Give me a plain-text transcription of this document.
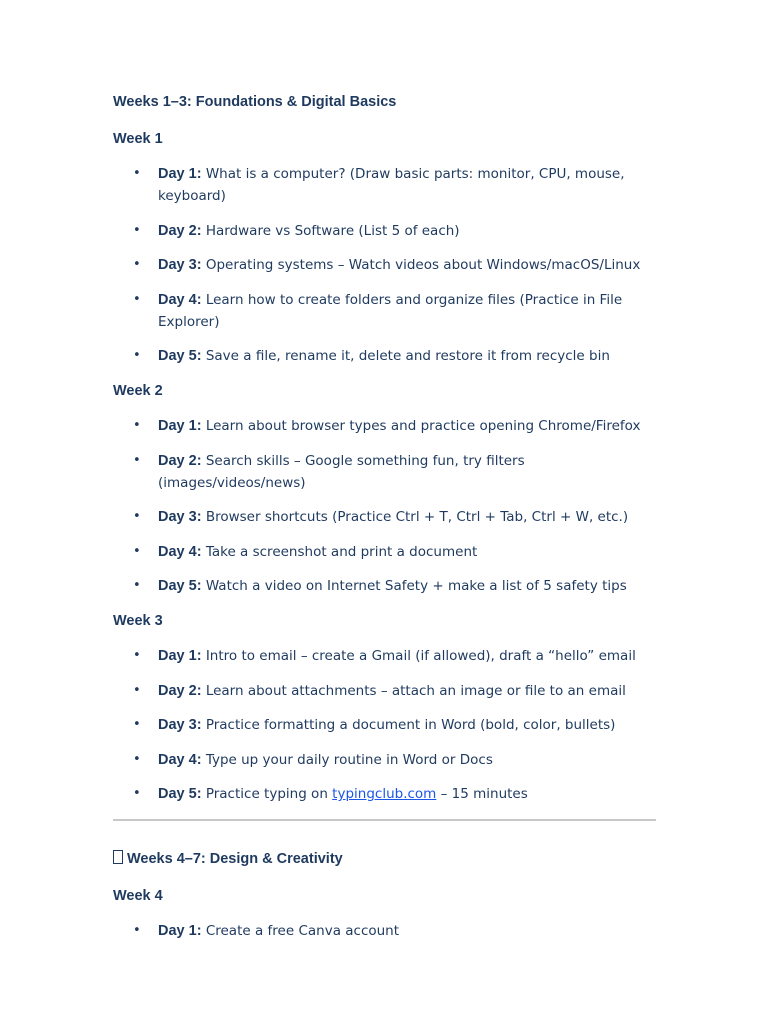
Weeks 1–3: Foundations & Digital Basics
Week 1
• Day 1: What is a computer? (Draw basic parts: monitor, CPU, mouse, keyboard)
• Day 2: Hardware vs Software (List 5 of each)
• Day 3: Operating systems – Watch videos about Windows/macOS/Linux
• Day 4: Learn how to create folders and organize files (Practice in File Explorer)
• Day 5: Save a file, rename it, delete and restore it from recycle bin
Week 2
• Day 1: Learn about browser types and practice opening Chrome/Firefox
• Day 2: Search skills – Google something fun, try filters (images/videos/news)
• Day 3: Browser shortcuts (Practice Ctrl + T, Ctrl + Tab, Ctrl + W, etc.)
• Day 4: Take a screenshot and print a document
• Day 5: Watch a video on Internet Safety + make a list of 5 safety tips
Week 3
• Day 1: Intro to email – create a Gmail (if allowed), draft a “hello” email
• Day 2: Learn about attachments – attach an image or file to an email
• Day 3: Practice formatting a document in Word (bold, color, bullets)
• Day 4: Type up your daily routine in Word or Docs
• Day 5: Practice typing on typingclub.com – 15 minutes
Weeks 4–7: Design & Creativity
Week 4
• Day 1: Create a free Canva account
